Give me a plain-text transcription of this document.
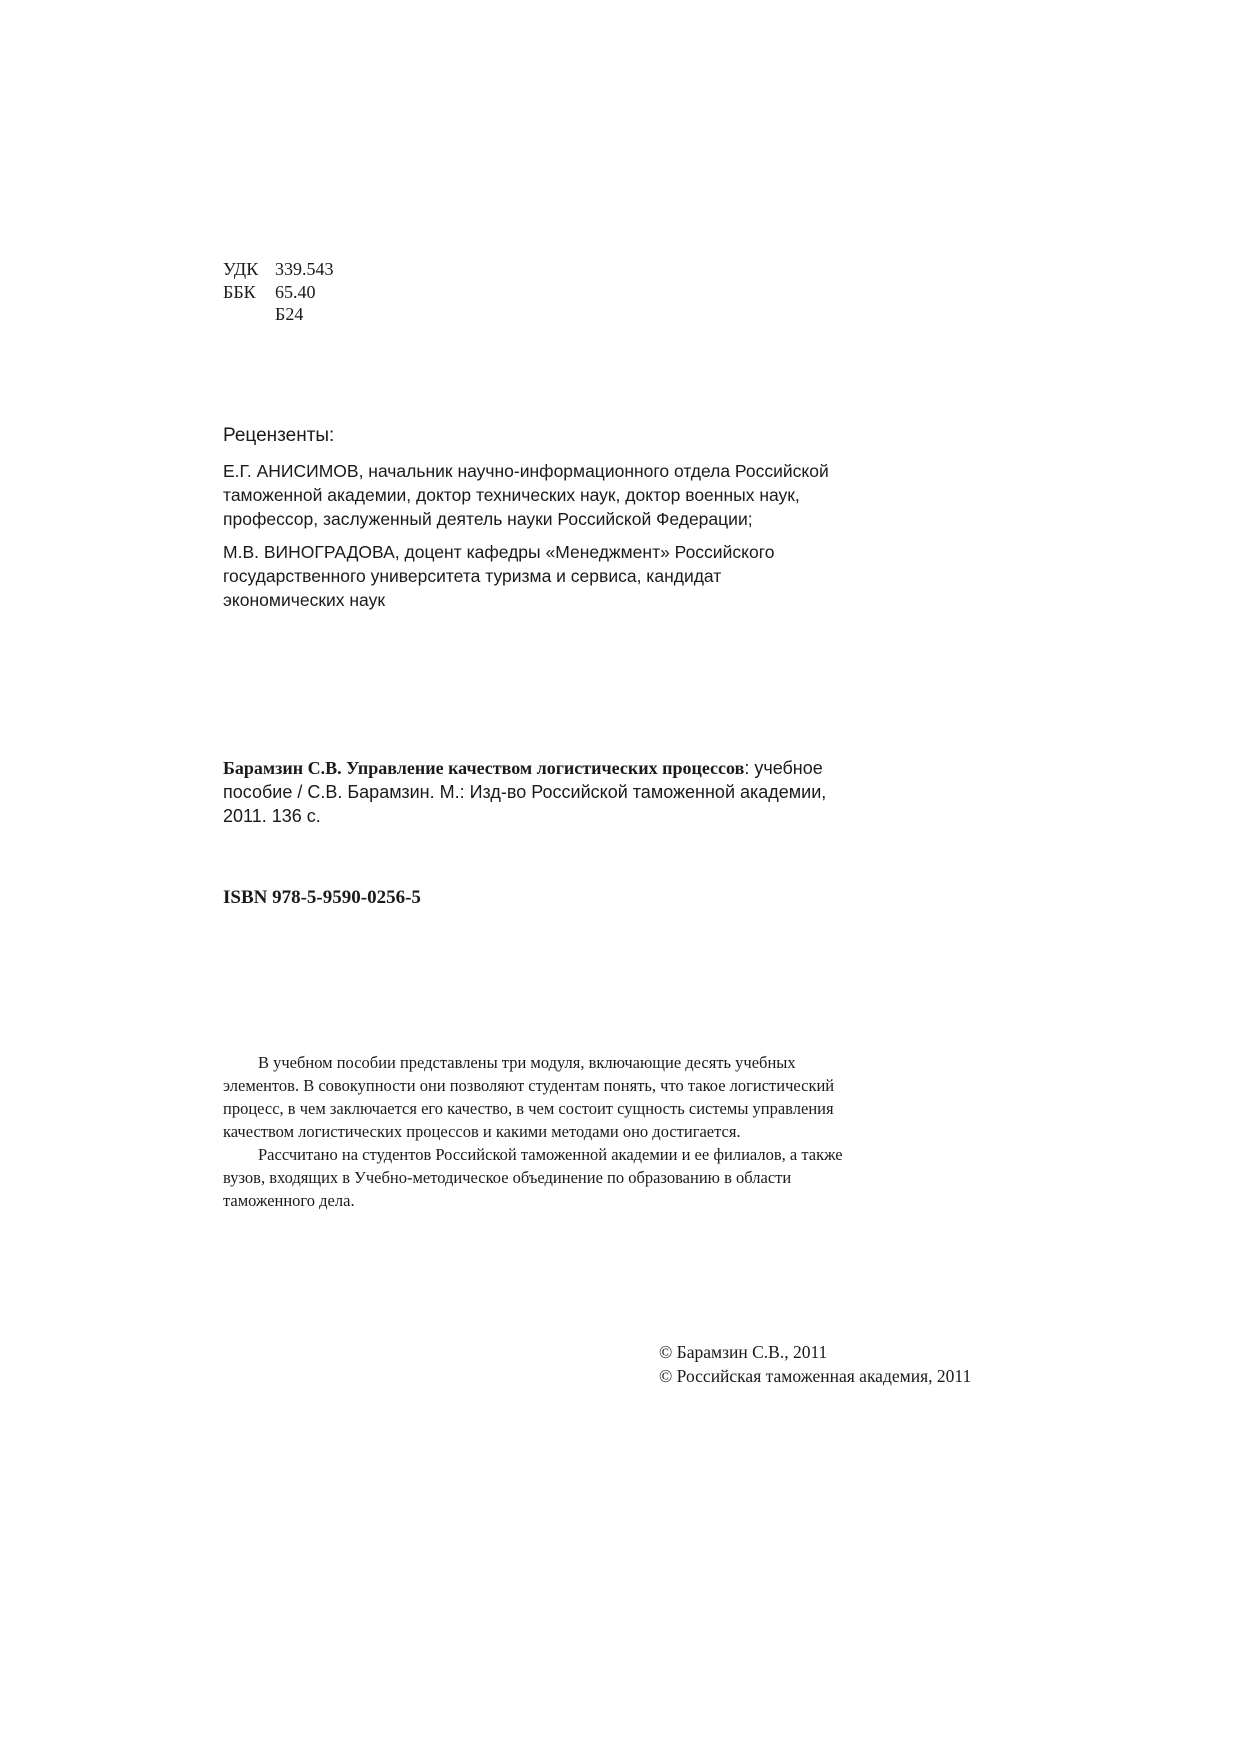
УДК 339.543
ББК	65.40
Б24
Рецензенты:
Е.Г. АНИСИМОВ, начальник научно-информационного отдела Российской таможенной академии, доктор технических наук, доктор военных наук, профессор, заслуженный деятель науки Российской Федерации;
М.В. ВИНОГРАДОВА, доцент кафедры «Менеджмент» Российского государственного университета туризма и сервиса, кандидат экономических наук
Барамзин С.В. Управление качеством логистических процессов: учебное пособие / С.В. Барамзин. М.: Изд-во Российской таможенной академии, 2011. 136 с.
ISBN 978-5-9590-0256-5

В учебном пособии представлены три модуля, включающие десять учебных элементов. В совокупности они позволяют студентам понять, что такое логистический процесс, в чем заключается его качество, в чем состоит сущность системы управления качеством логистических процессов и какими методами оно достигается.

Рассчитано на студентов Российской таможенной академии и ее филиалов, а также вузов, входящих в Учебно-методическое объединение по образованию в области таможенного дела.

© Барамзин С.В., 2011
© Российская таможенная академия, 2011
